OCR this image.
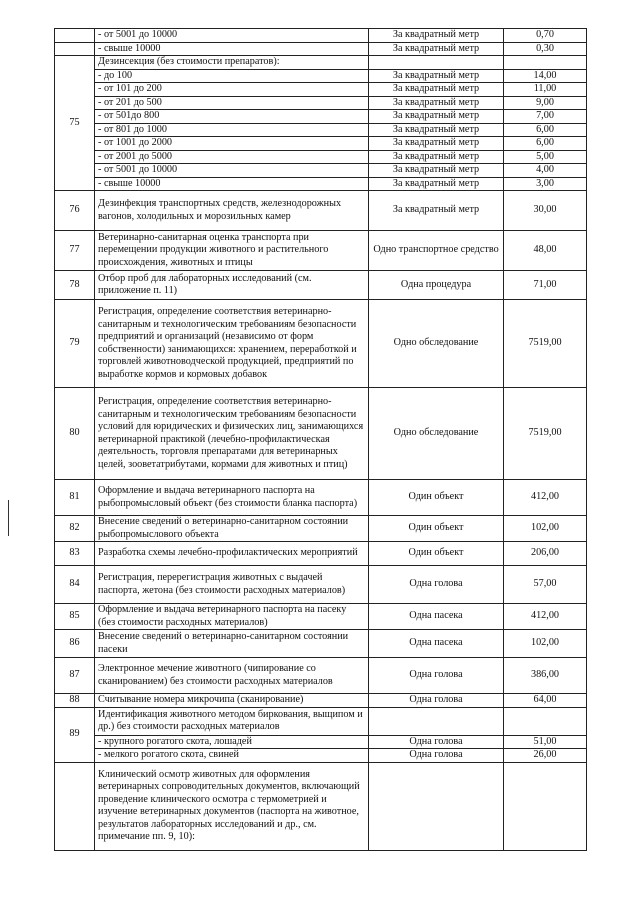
	- от 5001 до 10000	За квадратный метр	0,70
	- свыше 10000	За квадратный метр	0,30
75	Дезинсекция (без стоимости препаратов):		
	- до 100	За квадратный метр	14,00
	- от 101 до 200	За квадратный метр	11,00
	- от 201 до 500	За квадратный метр	9,00
	- от 501до 800	За квадратный метр	7,00
	- от 801 до 1000	За квадратный метр	6,00
	- от 1001 до 2000	За квадратный метр	6,00
	- от 2001 до 5000	За квадратный метр	5,00
	- от 5001 до 10000	За квадратный метр	4,00
	- свыше 10000	За квадратный метр	3,00
76	Дезинфекция транспортных средств, железнодорожных вагонов, холодильных и морозильных камер	За квадратный метр	30,00
77	Ветеринарно-санитарная оценка транспорта при перемещении продукции животного и растительного происхождения, животных и птицы	Одно транспортное средство	48,00
78	Отбор проб для лабораторных исследований (см. приложение п. 11)	Одна процедура	71,00
79	Регистрация, определение соответствия ветеринарно-санитарным и технологическим требованиям безопасности предприятий и организаций (независимо от форм собственности) занимающихся: хранением, переработкой и торговлей животноводческой продукцией, предприятий по выработке кормов и кормовых добавок	Одно обследование	7519,00
80	Регистрация, определение соответствия ветеринарно-санитарным и технологическим требованиям безопасности условий для юридических и физических лиц, занимающихся ветеринарной практикой (лечебно-профилактическая деятельность, торговля препаратами для ветеринарных целей, зооветатрибутами, кормами для животных и птиц)	Одно обследование	7519,00
81	Оформление и выдача ветеринарного паспорта на рыбопромысловый объект (без стоимости бланка паспорта)	Один объект	412,00
82	Внесение сведений о ветеринарно-санитарном состоянии рыбопромыслового объекта	Один объект	102,00
83	Разработка схемы лечебно-профилактических мероприятий	Один объект	206,00
84	Регистрация, перерегистрация животных с выдачей паспорта, жетона (без стоимости расходных материалов)	Одна голова	57,00
85	Оформление и выдача ветеринарного паспорта на пасеку (без стоимости расходных материалов)	Одна пасека	412,00
86	Внесение сведений о ветеринарно-санитарном состоянии пасеки	Одна пасека	102,00
87	Электронное мечение животного (чипирование со сканированием) без стоимости расходных материалов	Одна голова	386,00
88	Считывание номера микрочипа (сканирование)	Одна голова	64,00
89	Идентификация животного методом биркования, выщипом и др.) без стоимости расходных материалов		
	- крупного рогатого скота, лошадей	Одна голова	51,00
	- мелкого рогатого скота, свиней	Одна голова	26,00
	Клинический осмотр животных для оформления ветеринарных сопроводительных документов, включающий проведение клинического осмотра с термометрией и изучение ветеринарных документов (паспорта на животное, результатов лабораторных исследований и др., см. примечание пп. 9, 10):		
